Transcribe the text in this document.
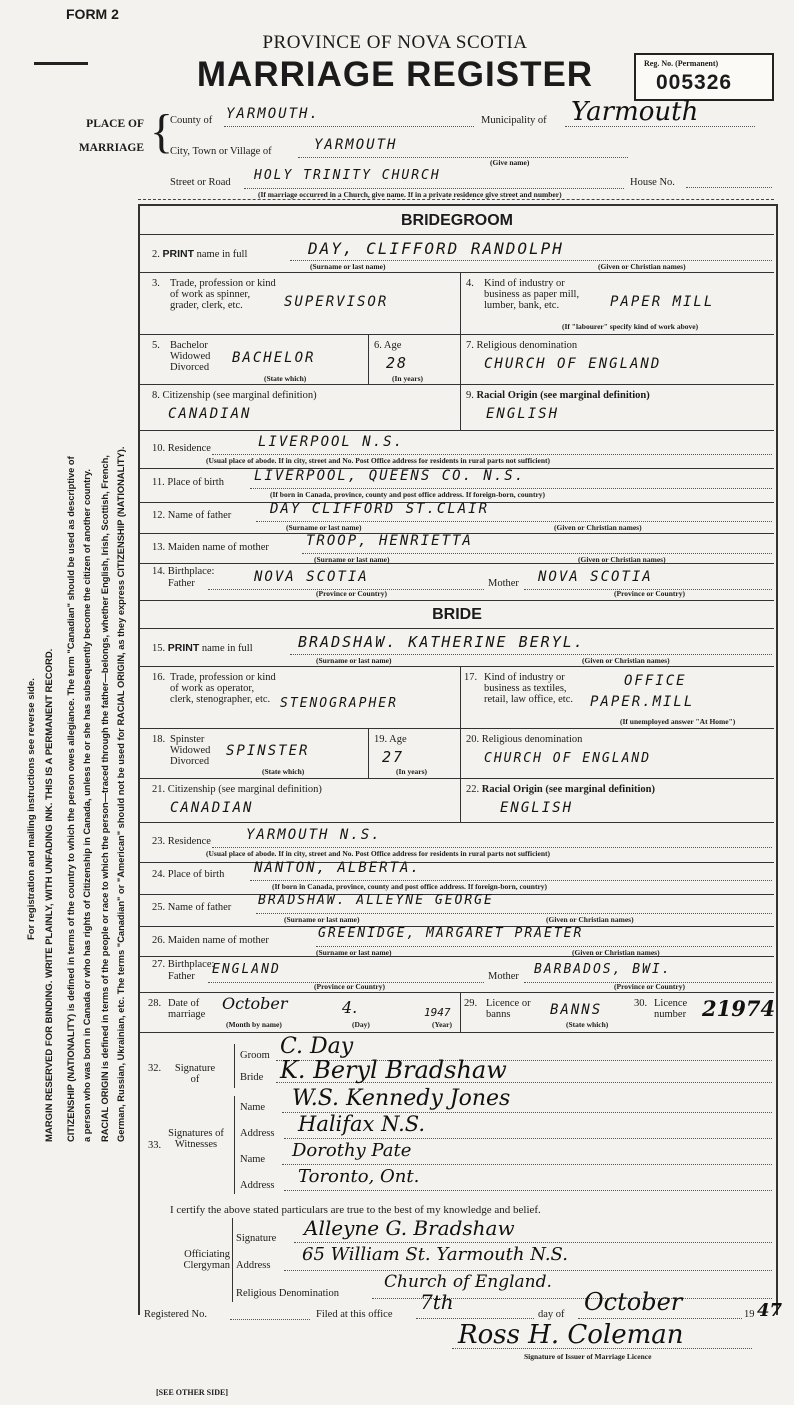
FORM 2
PROVINCE OF NOVA SCOTIA
MARRIAGE REGISTER	Reg. No. (Permanent)
005326
PLACE OF
MARRIAGE {
County of YARMOUTH.	Municipality of Yarmouth
City, Town or Village of	YARMOUTH
(Give name)
Street or Road HOLY TRINITY CHURCH	House No.
(If marriage occurred in a Church, give name. If in a private residence give street and number)
For registration and mailing instructions see reverse side. MARGIN RESERVED FOR BINDING. WRITE PLAINLY, WITH UNFADING INK. THIS IS A PERMANENT RECORD. CITIZENSHIP (NATIONALITY) is defined in terms of the country to which the person owes allegiance. The term "Canadian" should be used as descriptive of a person who was born in Canada or who has rights of Citizenship in Canada, unless he or she has subsequently become the citizen of another country. RACIAL ORIGIN is defined in terms of the people or race to which the person—traced through the father—belongs, whether English, Irish, Scottish, French, German, Russian, Ukrainian, etc. The terms "Canadian" or "American" should not be used for RACIAL ORIGIN, as they express CITIZENSHIP (NATIONALITY).
BRIDEGROOM
2. PRINT name in full	DAY, CLIFFORD RANDOLPH
(Surname or last name)	(Given or Christian names)
3. Trade, profession or kind of work as spinner, grader, clerk, etc.	SUPERVISOR
4. Kind of industry or business as paper mill, lumber, bank, etc.	PAPER MILL
(If "labourer" specify kind of work above)
5. Bachelor Widowed Divorced
BACHELOR
(State which)
6. Age
28
(In years)
7. Religious denomination
CHURCH OF ENGLAND
8. Citizenship (see marginal definition)
CANADIAN
9. Racial Origin (see marginal definition)
ENGLISH
10. Residence	LIVERPOOL N.S.
(Usual place of abode. If in city, street and No. Post Office address for residents in rural parts not sufficient)
11. Place of birth LIVERPOOL, QUEENS CO. N.S.
(If born in Canada, province, county and post office address. If foreign-born, country)
12. Name of father	DAY CLIFFORD ST.CLAIR
(Surname or last name)	(Given or Christian names)
13. Maiden name of mother	TROOP, HENRIETTA
(Surname or last name)	(Given or Christian names)
14. Birthplace:
Father	NOVA SCOTIA	Mother NOVA SCOTIA
(Province or Country)	(Province or Country)
BRIDE
15. PRINT name in full	BRADSHAW. KATHERINE BERYL.
(Surname or last name)	(Given or Christian names)
16. Trade, profession or kind of work as operator, clerk, stenographer, etc. STENOGRAPHER
17. Kind of industry or business as textiles, retail, law office, etc.
OFFICE
PAPER.MILL
(If unemployed answer "At Home")
18. Spinster Widowed Divorced
SPINSTER
(State which)
19. Age
27
(In years)
20. Religious denomination
CHURCH OF ENGLAND
21. Citizenship (see marginal definition)
CANADIAN
22. Racial Origin (see marginal definition)
ENGLISH
23. Residence	YARMOUTH N.S.
(Usual place of abode. If in city, street and No. Post Office address for residents in rural parts not sufficient)
24. Place of birth NANTON, ALBERTA.
(If born in Canada, province, county and post office address. If foreign-born, country)
25. Name of father BRADSHAW. ALLEYNE GEORGE
(Surname or last name)	(Given or Christian names)
26. Maiden name of mother	GREENIDGE, MARGARET PRAETER
(Surname or last name)	(Given or Christian names)
27. Birthplace:
Father ENGLAND	Mother BARBADOS, BWI.
(Province or Country)	(Province or Country)
28. Date of marriage
October	4.	1947
(Month by name)	(Day)	(Year)
29. Licence or banns	BANNS
(State which)
30. Licence number 21974
32.	Signature of
Groom C. Day
Bride K. Beryl Bradshaw
33.
Signatures of Witnesses
Name W.S. Kennedy Jones
Address Halifax N.S.
Name Dorothy Pate
Address Toronto, Ont.
I certify the above stated particulars are true to the best of my knowledge and belief.
Officiating Clergyman
Signature Alleyne G. Bradshaw
Address
65 William St. Yarmouth N.S.
Religious Denomination
Church of England.
Registered No.	Filed at this office
7th
day of October	19 47
Ross H. Coleman
Signature of Issuer of Marriage Licence
[SEE OTHER SIDE]
